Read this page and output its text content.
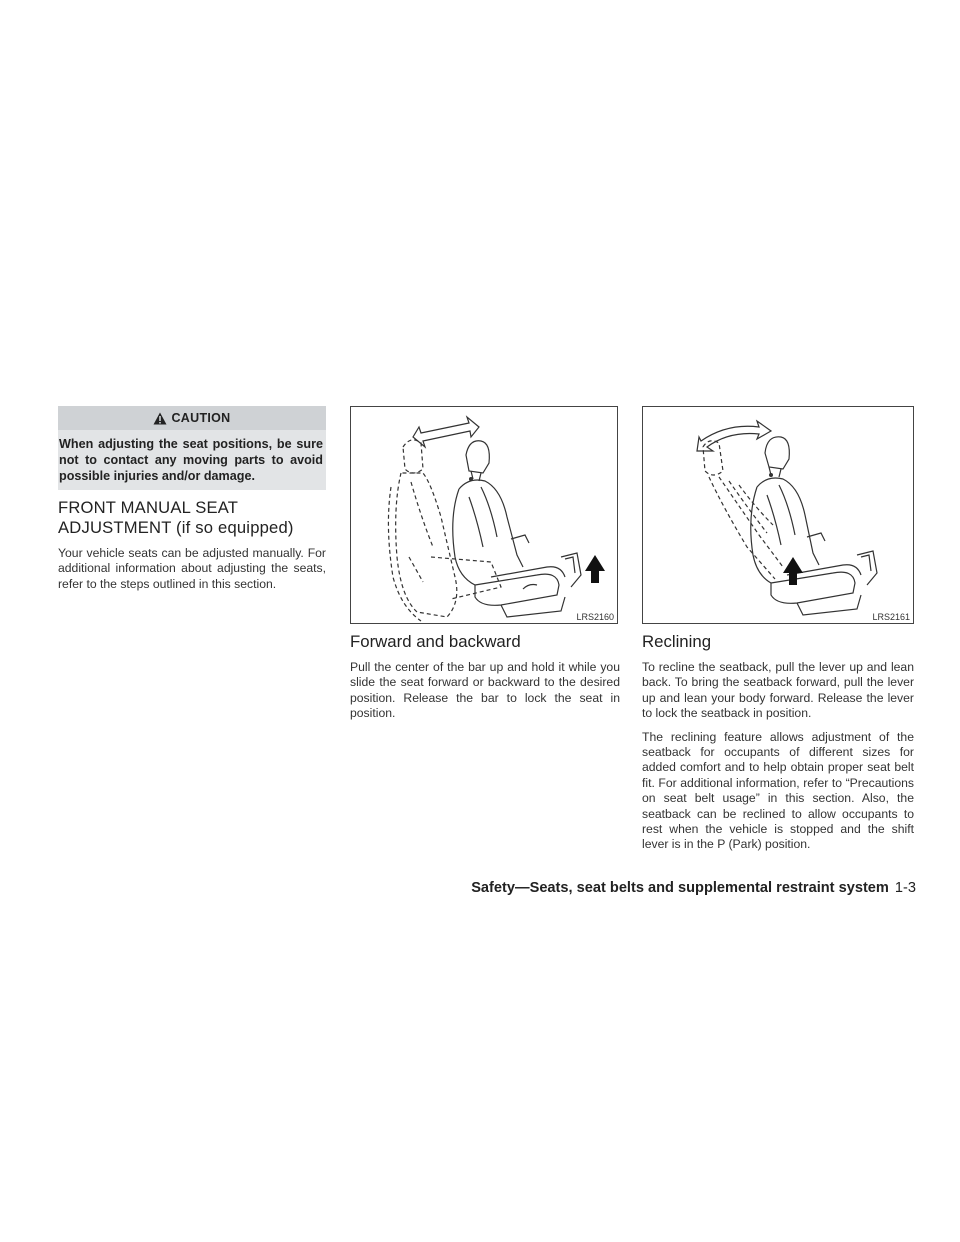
CAUTION
When adjusting the seat positions, be sure not to contact any moving parts to avoid possible injuries and/or damage.
FRONT MANUAL SEAT
ADJUSTMENT (if so equipped)

Your vehicle seats can be adjusted manually. For additional information about adjusting the seats, refer to the steps outlined in this section.

LRS2160
Forward and backward

Pull the center of the bar up and hold it while you slide the seat forward or backward to the desired position. Release the bar to lock the seat in position.

LRS2161
Reclining

To recline the seatback, pull the lever up and lean back. To bring the seatback forward, pull the lever up and lean your body forward. Release the lever to lock the seatback in position.

The reclining feature allows adjustment of the seatback for occupants of different sizes for added comfort and to help obtain proper seat belt fit. For additional information, refer to “Precautions on seat belt usage” in this section. Also, the seatback can be reclined to allow occupants to rest when the vehicle is stopped and the shift lever is in the P (Park) position.

Safety—Seats, seat belts and supplemental restraint system 1-3
